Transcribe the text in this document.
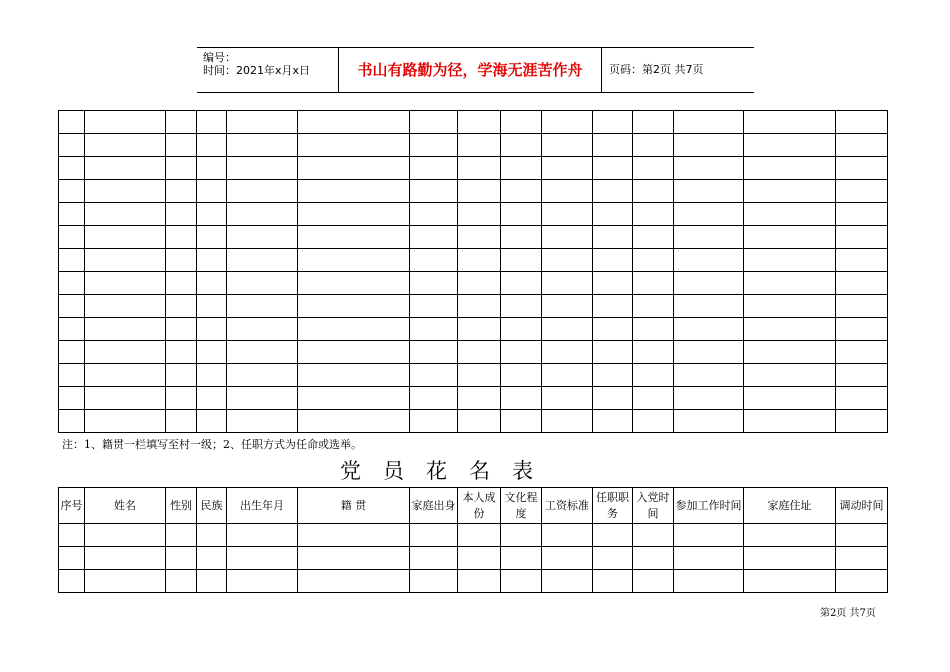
编号：
时间：2021年x月x日	书山有路勤为径，学海无涯苦作舟	页码：第2页 共7页

注：1、籍贯一栏填写至村一级；2、任职方式为任命或选举。
党员花名表
序号	姓名	性别	民族	出生年月	籍 贯	家庭出身	本人成份	文化程度	工资标准	任职职务	入党时间	参加工作时间	家庭住址	调动时间

第2页 共7页
